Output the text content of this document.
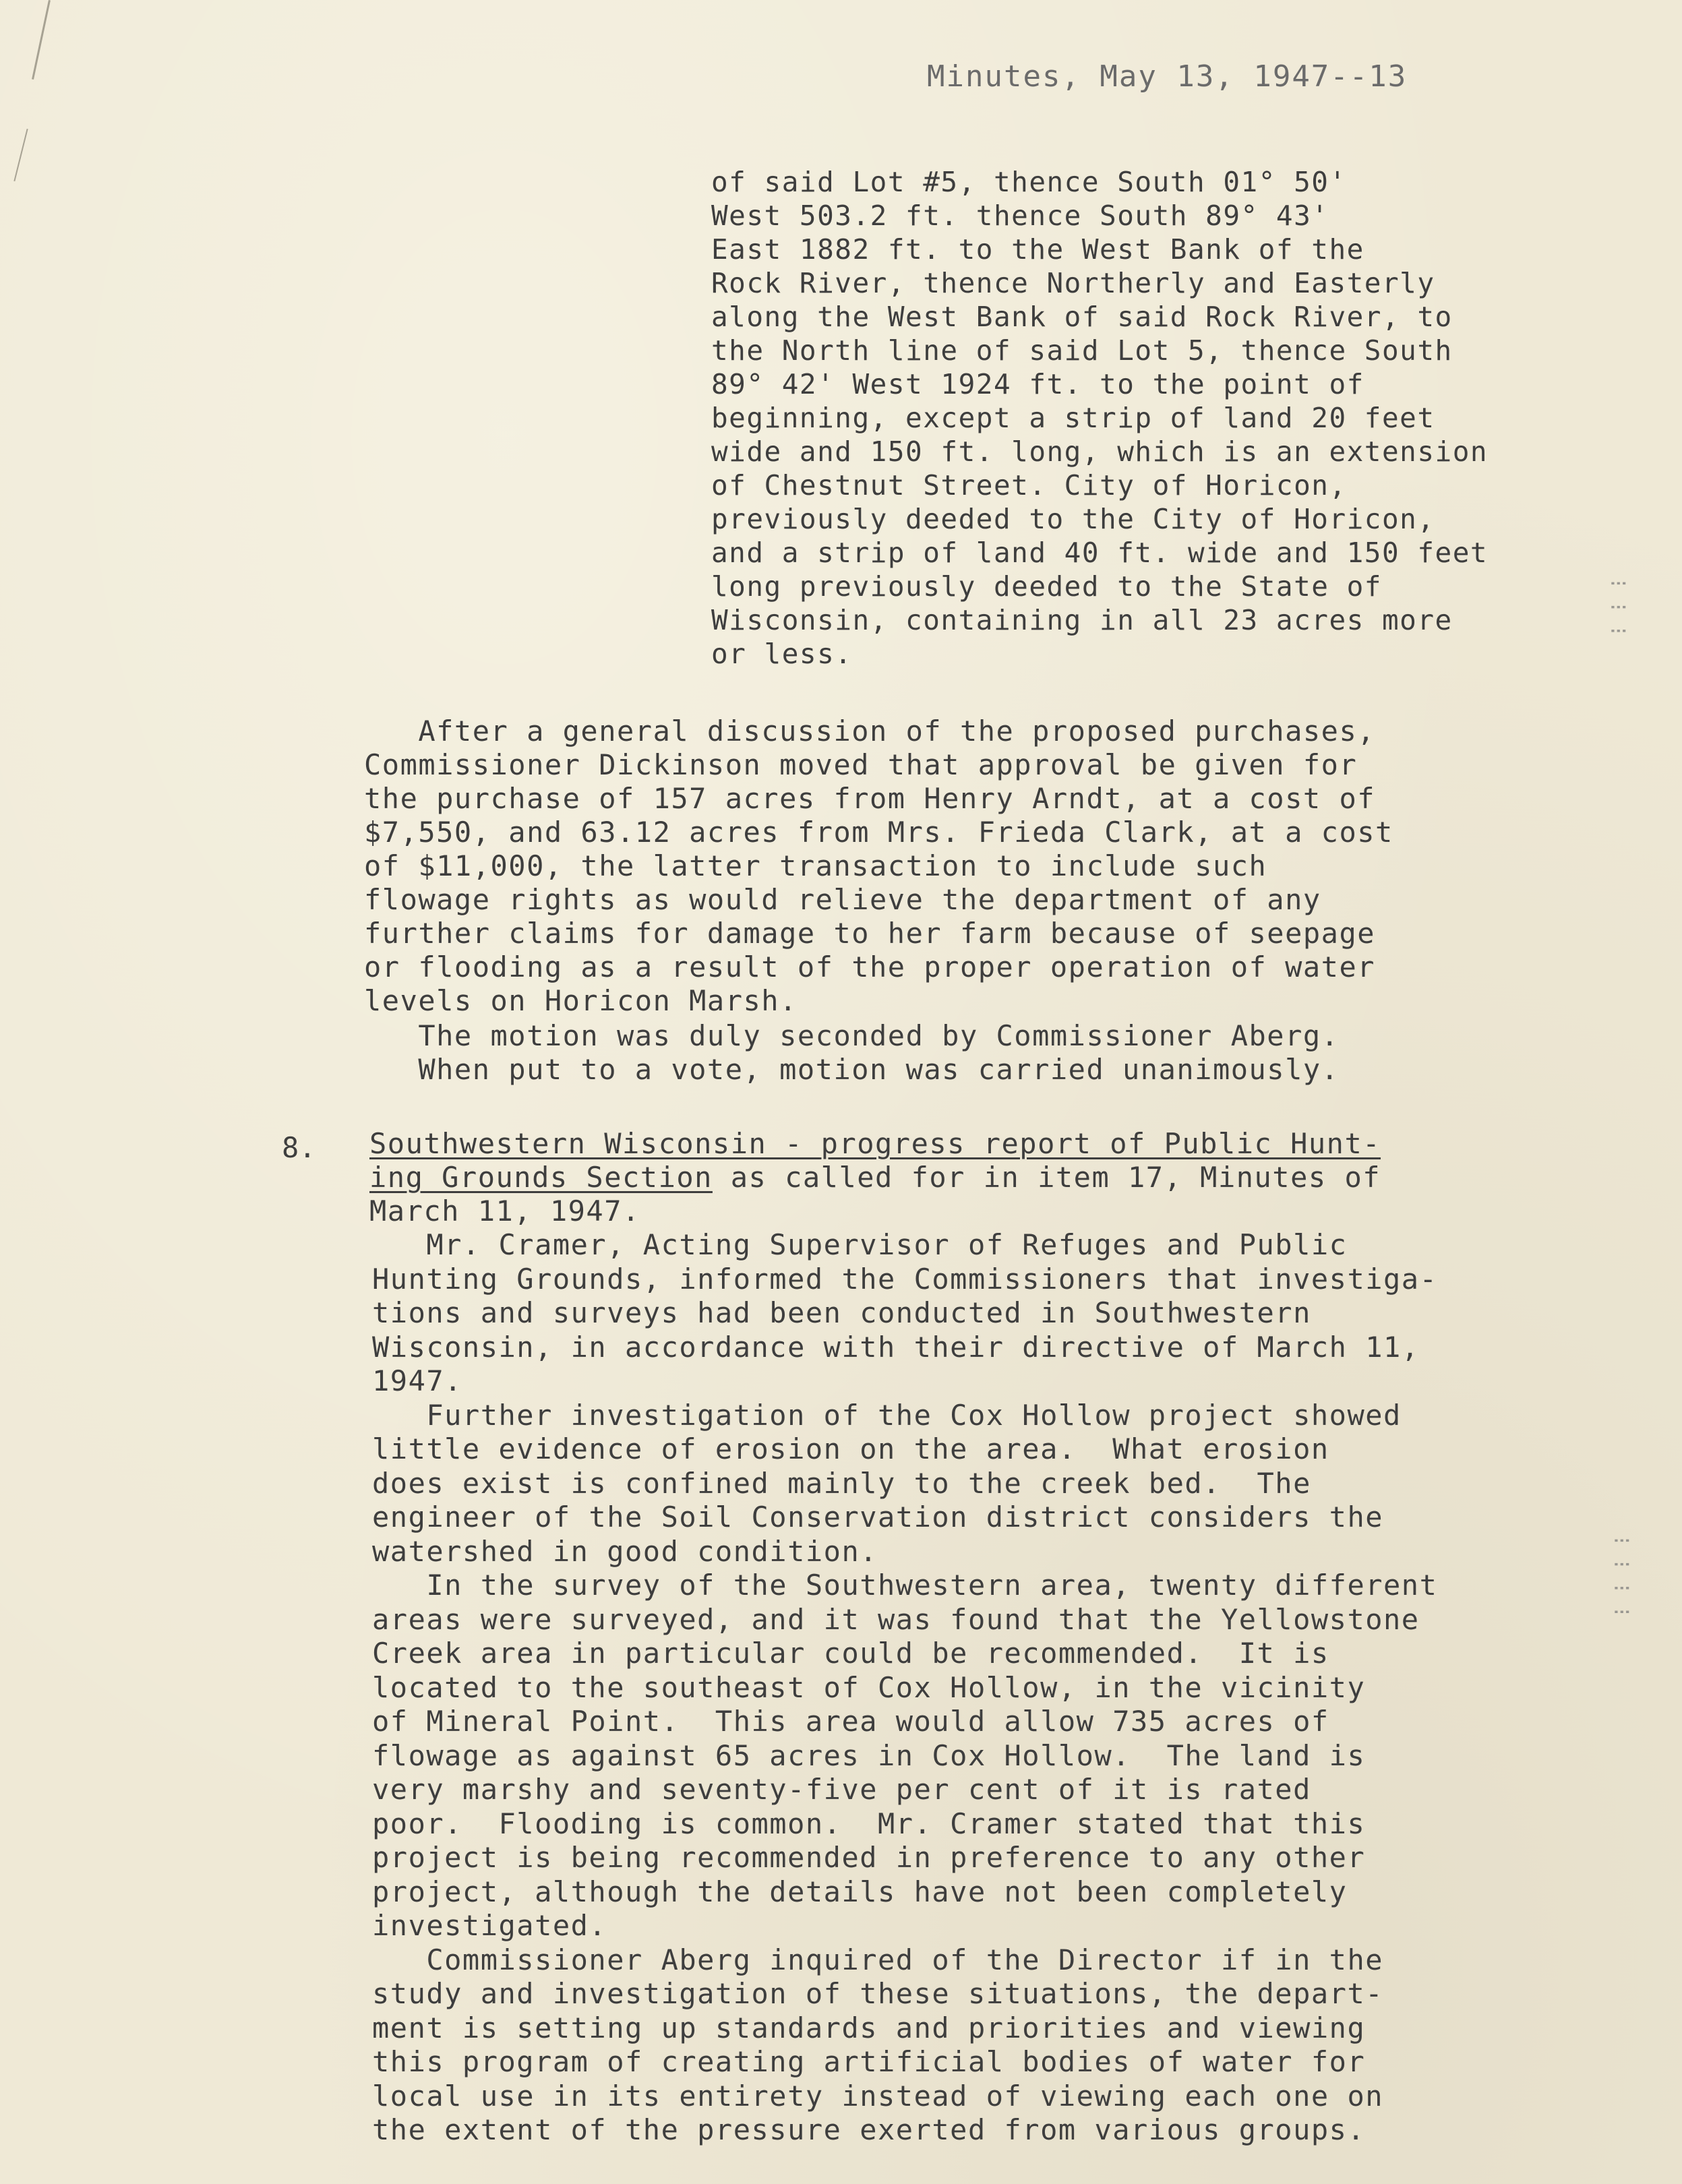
Minutes, May 13, 1947--13
of said Lot #5, thence South 01° 50'
West 503.2 ft. thence South 89° 43'
East 1882 ft. to the West Bank of the
Rock River, thence Northerly and Easterly
along the West Bank of said Rock River, to
the North line of said Lot 5, thence South
89° 42' West 1924 ft. to the point of
beginning, except a strip of land 20 feet
wide and 150 ft. long, which is an extension
of Chestnut Street. City of Horicon,
previously deeded to the City of Horicon,
and a strip of land 40 ft. wide and 150 feet
long previously deeded to the State of
Wisconsin, containing in all 23 acres more
or less.
After a general discussion of the proposed purchases,
Commissioner Dickinson moved that approval be given for
the purchase of 157 acres from Henry Arndt, at a cost of
$7,550, and 63.12 acres from Mrs. Frieda Clark, at a cost
of $11,000, the latter transaction to include such
flowage rights as would relieve the department of any
further claims for damage to her farm because of seepage
or flooding as a result of the proper operation of water
levels on Horicon Marsh.
The motion was duly seconded by Commissioner Aberg.
When put to a vote, motion was carried unanimously.
8. Southwestern Wisconsin - progress report of Public Hunt-
ing Grounds Section as called for in item 17, Minutes of
March 11, 1947.
Mr. Cramer, Acting Supervisor of Refuges and Public
Hunting Grounds, informed the Commissioners that investiga-
tions and surveys had been conducted in Southwestern
Wisconsin, in accordance with their directive of March 11,
1947.
Further investigation of the Cox Hollow project showed
little evidence of erosion on the area.  What erosion
does exist is confined mainly to the creek bed.  The
engineer of the Soil Conservation district considers the
watershed in good condition.
In the survey of the Southwestern area, twenty different
areas were surveyed, and it was found that the Yellowstone
Creek area in particular could be recommended.  It is
located to the southeast of Cox Hollow, in the vicinity
of Mineral Point.  This area would allow 735 acres of
flowage as against 65 acres in Cox Hollow.  The land is
very marshy and seventy-five per cent of it is rated
poor.  Flooding is common.  Mr. Cramer stated that this
project is being recommended in preference to any other
project, although the details have not been completely
investigated.
Commissioner Aberg inquired of the Director if in the
study and investigation of these situations, the depart-
ment is setting up standards and priorities and viewing
this program of creating artificial bodies of water for
local use in its entirety instead of viewing each one on
the extent of the pressure exerted from various groups.
⁝ ⁝ ⁝
⁝ ⁝ ⁝ ⁝
